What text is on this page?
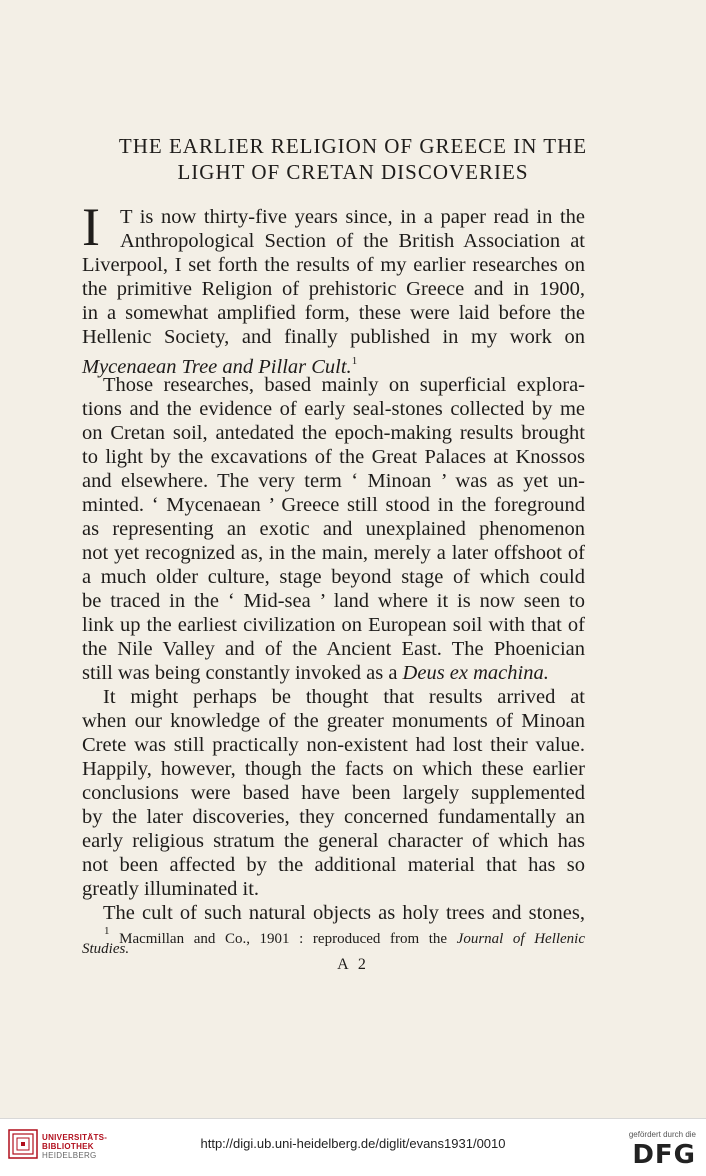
THE EARLIER RELIGION OF GREECE IN THE
LIGHT OF CRETAN DISCOVERIES
I T is now thirty-five years since, in a paper read in the
Anthropological Section of the British Association at
Liverpool, I set forth the results of my earlier researches on
the primitive Religion of prehistoric Greece and in 1900,
in a somewhat amplified form, these were laid before the
Hellenic Society, and finally published in my work on
Mycenaean Tree and Pillar Cult.$^1$
Those researches, based mainly on superficial explora-
tions and the evidence of early seal-stones collected by me
on Cretan soil, antedated the epoch-making results brought
to light by the excavations of the Great Palaces at Knossos
and elsewhere. The very term ‘ Minoan ’ was as yet un-
minted. ‘ Mycenaean ’ Greece still stood in the foreground
as representing an exotic and unexplained phenomenon
not yet recognized as, in the main, merely a later offshoot of
a much older culture, stage beyond stage of which could
be traced in the ‘ Mid-sea ’ land where it is now seen to
link up the earliest civilization on European soil with that of
the Nile Valley and of the Ancient East. The Phoenician
still was being constantly invoked as a Deus ex machina.
It might perhaps be thought that results arrived at
when our knowledge of the greater monuments of Minoan
Crete was still practically non-existent had lost their value.
Happily, however, though the facts on which these earlier
conclusions were based have been largely supplemented
by the later discoveries, they concerned fundamentally an
early religious stratum the general character of which has
not been affected by the additional material that has so
greatly illuminated it.
The cult of such natural objects as holy trees and stones,
$^1$ Macmillan and Co., 1901 : reproduced from the Journal of Hellenic
Studies.
A 2
UNIVERSITÄTS-
BIBLIOTHEK
HEIDELBERG
http://digi.ub.uni-heidelberg.de/diglit/evans1931/0010
gefördert durch die
DFG
